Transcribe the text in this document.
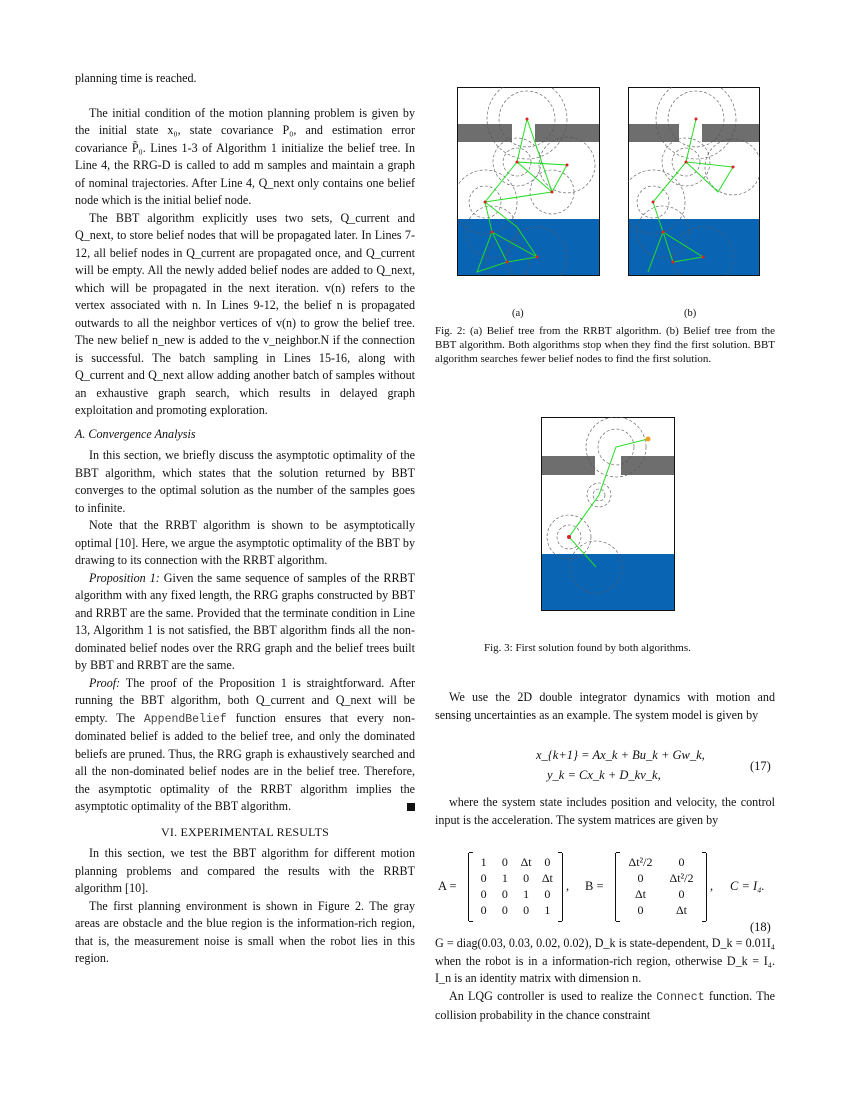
planning time is reached.

The initial condition of the motion planning problem is given by the initial state x₀, state covariance P₀, and estimation error covariance P̃₀. Lines 1-3 of Algorithm 1 initialize the belief tree. In Line 4, the RRG-D is called to add m samples and maintain a graph of nominal trajectories. After Line 4, Q_next only contains one belief node which is the initial belief node.

The BBT algorithm explicitly uses two sets, Q_current and Q_next, to store belief nodes that will be propagated later. In Lines 7-12, all belief nodes in Q_current are propagated once, and Q_current will be empty. All the newly added belief nodes are added to Q_next, which will be propagated in the next iteration. v(n) refers to the vertex associated with n. In Lines 9-12, the belief n is propagated outwards to all the neighbor vertices of v(n) to grow the belief tree. The new belief n_new is added to the v_neighbor.N if the connection is successful. The batch sampling in Lines 15-16, along with Q_current and Q_next allow adding another batch of samples without an exhaustive graph search, which results in delayed graph exploitation and promoting exploration.

A. Convergence Analysis

In this section, we briefly discuss the asymptotic optimality of the BBT algorithm, which states that the solution returned by BBT converges to the optimal solution as the number of the samples goes to infinite.

Note that the RRBT algorithm is shown to be asymptotically optimal [10]. Here, we argue the asymptotic optimality of the BBT by drawing to its connection with the RRBT algorithm.

Proposition 1: Given the same sequence of samples of the RRBT algorithm with any fixed length, the RRG graphs constructed by BBT and RRBT are the same. Provided that the terminate condition in Line 13, Algorithm 1 is not satisfied, the BBT algorithm finds all the non-dominated belief nodes over the RRG graph and the belief trees built by BBT and RRBT are the same.

Proof: The proof of the Proposition 1 is straightforward. After running the BBT algorithm, both Q_current and Q_next will be empty. The AppendBelief function ensures that every non-dominated belief is added to the belief tree, and only the dominated beliefs are pruned. Thus, the RRG graph is exhaustively searched and all the non-dominated belief nodes are in the belief tree. Therefore, the asymptotic optimality of the RRBT algorithm implies the asymptotic optimality of the BBT algorithm.

VI. EXPERIMENTAL RESULTS

In this section, we test the BBT algorithm for different motion planning problems and compared the results with the RRBT algorithm [10].

The first planning environment is shown in Figure 2. The gray areas are obstacle and the blue region is the information-rich region, that is, the measurement noise is small when the robot lies in this region.

(a)	(b)
Fig. 2: (a) Belief tree from the RRBT algorithm. (b) Belief tree from the BBT algorithm. Both algorithms stop when they find the first solution. BBT algorithm searches fewer belief nodes to find the first solution.
Fig. 3: First solution found by both algorithms.

We use the 2D double integrator dynamics with motion and sensing uncertainties as an example. The system model is given by

x_{k+1} = Ax_k + Bu_k + Gw_k,
y_k = Cx_k + D_kv_k,
(17)

where the system state includes position and velocity, the control input is the acceleration. The system matrices are given by

A =
1	0	Δt	0
0	1	0	Δt
0	0	1	0
0	0	0	1
, B =
Δt²/2	0
0	Δt²/2
Δt	0
0	Δt
, C = I₄.
(18)

G = diag(0.03, 0.03, 0.02, 0.02), D_k is state-dependent, D_k = 0.01I₄ when the robot is in a information-rich region, otherwise D_k = I₄. I_n is an identity matrix with dimension n.

An LQG controller is used to realize the Connect function. The collision probability in the chance constraint
